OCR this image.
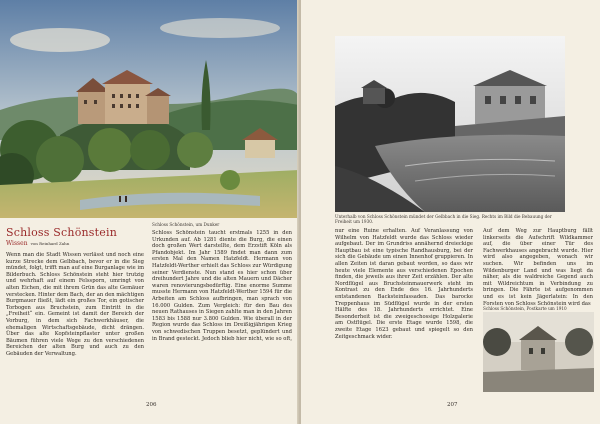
Schloss Schönstein
Wissen von Reinhard Zahn
Schloss Schönstein, um Dunker
Wenn man die Stadt Wissen verlässt und noch eine kurze Strecke dem Gelbbach, bevor er in die Sieg mündet, folgt, trifft man auf eine Burganlage wie im Bilderbuch. Schloss Schönstein steht hier trutzig und wehrhaft auf einem Felssporn, umringt von alten Eichen, die mit ihrem Grün das alte Gemäuer verstecken. Hinter dem Bach, der an den mächtigen Burgmauer fließt, lädt ein großes Tor, ein gotischer Torbogen aus Bruchstein, zum Eintritt in die „Freiheit“ ein. Gemeint ist damit der Bereich der Vorburg, in dem sich Fachwerkhäuser, die ehemaligen Wirtschaftsgebäude, dicht drängen. Über das alte Kopfsteinpflaster unter großen Bäumen führen viele Wege zu den verschiedenen Bereichen der alten Burg und auch zu den Gebäuden der Verwaltung.
Schloss Schönstein taucht erstmals 1255 in den Urkunden auf. Ab 1281 diente die Burg, die einen doch großen Wert darstellte, dem Erzstift Köln als Pfandobjekt. Im Jahr 1589 findet man dann zum ersten Mal den Namen Hatzfeldt. Hermann von Hatzfeldt-Werther erhielt das Schloss zur Würdigung seiner Verdienste. Nun stand es hier schon über dreihundert Jahre und die alten Mauern und Dächer waren renovierungsbedürftig. Eine enorme Summe musste Hermann von Hatzfeldt-Werther 1594 für die Arbeiten am Schloss aufbringen, man sprach von 16.000 Gulden. Zum Vergleich: für den Bau des neuen Rathauses in Siegen zahlte man in den Jahren 1583 bis 1588 nur 3.800 Gulden. Wie überall in der Region wurde das Schloss im Dreißigjährigen Krieg von schwedischen Truppen besetzt, geplündert und in Brand gesteckt. Jedoch blieb hier nicht, wie so oft,
206
Unterhalb von Schloss Schönstein mündet der Gelbbach in die Sieg. Rechts im Bild die Bebauung der Freiheit um 1930.
nur eine Ruine erhalten. Auf Veranlassung von Wilhelm von Hatzfeldt wurde das Schloss wieder aufgebaut. Der im Grundriss annähernd dreieckige Hauptbau ist eine typische Randhausburg, bei der sich die Gebäude um einen Innenhof gruppieren. In allen Zeiten ist daran gebaut worden, so dass wir heute viele Elemente aus verschiedenen Epochen finden, die jeweils aus ihrer Zeit erzählen. Der alte Nordflügel aus Bruchsteinmauerwerk steht im Kontrast zu den Ende des 16. Jahrhunderts entstandenen Backsteinfassaden. Das barocke Treppenhaus im Südflügel wurde in der ersten Hälfte des 18. Jahrhunderts errichtet. Eine Besonderheit ist die zweigeschossige Holzgalerie am Ostflügel. Die erste Etage wurde 1598, die zweite Etage 1623 gebaut und spiegelt so den Zeitgeschmack wider.
Auf dem Weg zur Hauptburg fällt linkerseits die Aufschrift Wildkammer auf, die über einer Tür des Fachwerkhauses angebracht wurde. Hier wird also angegeben, wonach wir suchen. Wir befinden uns im Wildenburger Land und was liegt da näher, als die waldreiche Gegend auch mit Wildreichtum in Verbindung zu bringen. Die Fährte ist aufgenommen und es ist kein Jägerlatein: In den Forsten von Schloss Schönstein wird das
Schloss Schönstein, Postkarte um 1910
207
